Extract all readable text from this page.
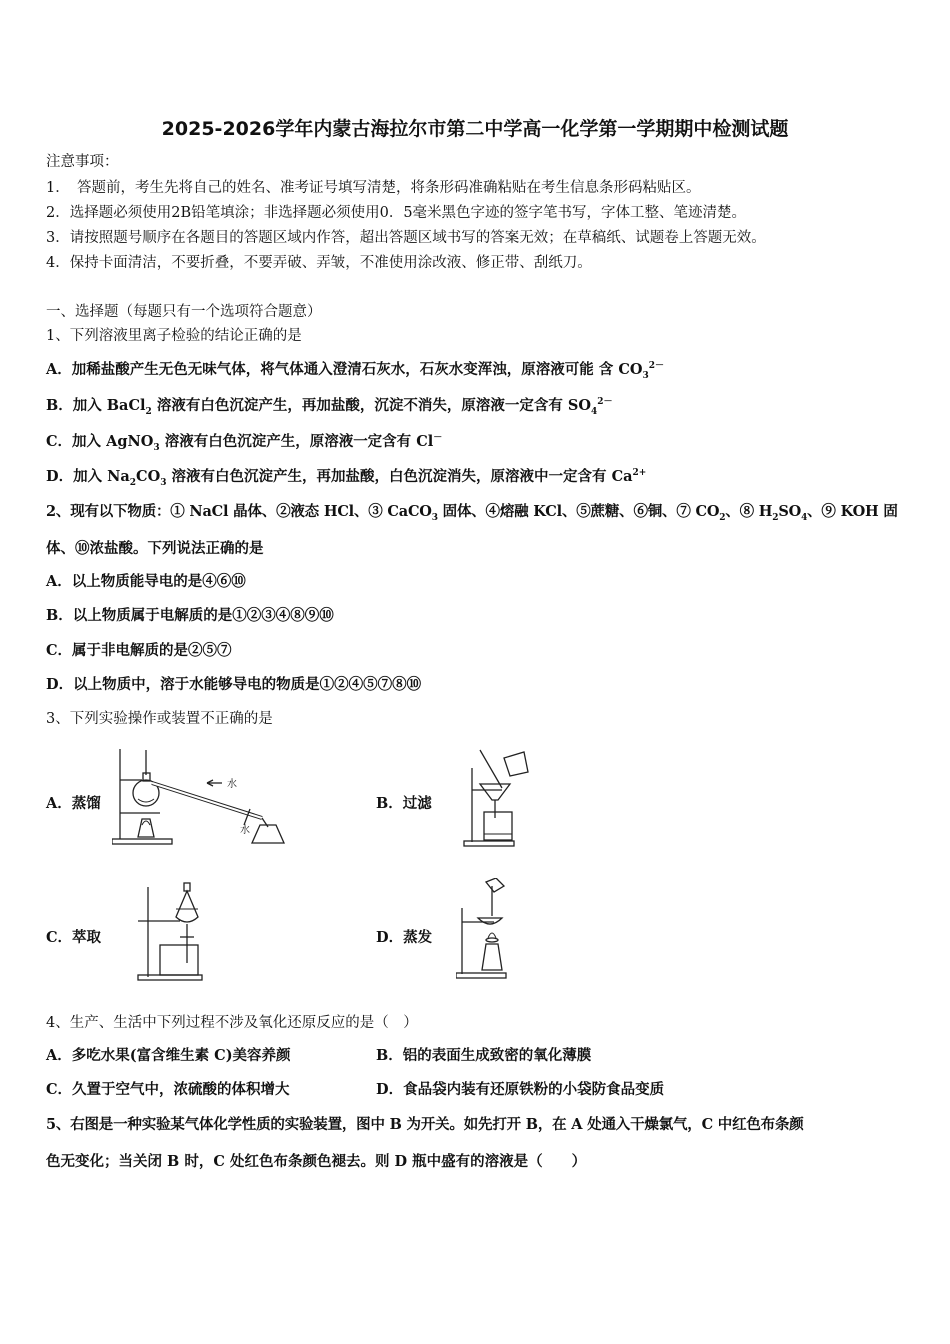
2025-2026学年内蒙古海拉尔市第二中学高一化学第一学期期中检测试题
注意事项：
1．　答题前，考生先将自己的姓名、准考证号填写清楚，将条形码准确粘贴在考生信息条形码粘贴区。
2．选择题必须使用2B铅笔填涂；非选择题必须使用0．5毫米黑色字迹的签字笔书写，字体工整、笔迹清楚。
3．请按照题号顺序在各题目的答题区域内作答，超出答题区域书写的答案无效；在草稿纸、试题卷上答题无效。
4．保持卡面清洁，不要折叠，不要弄破、弄皱，不准使用涂改液、修正带、刮纸刀。
一、选择题（每题只有一个选项符合题意）
1、下列溶液里离子检验的结论正确的是
A．加稀盐酸产生无色无味气体，将气体通入澄清石灰水，石灰水变浑浊，原溶液可能 含 $CO_3^{2-}$
B．加入 BaCl$_2$ 溶液有白色沉淀产生，再加盐酸，沉淀不消失，原溶液一定含有 $SO_4^{2-}$
C．加入 AgNO$_3$ 溶液有白色沉淀产生，原溶液一定含有 Cl－
D．加入 $Na_2CO_3$ 溶液有白色沉淀产生，再加盐酸，白色沉淀消失，原溶液中一定含有 $Ca^{2+}$
2、现有以下物质：① NaCl 晶体、②液态 HCl、③ CaCO$_3$ 固体、④熔融 KCl、⑤蔗糖、⑥铜、⑦ $CO_2$、⑧ $H_2SO_4$、⑨ KOH 固
体、⑩浓盐酸。下列说法正确的是
A．以上物质能导电的是④⑥⑩
B．以上物质属于电解质的是①②③④⑧⑨⑩
C．属于非电解质的是②⑤⑦
D．以上物质中，溶于水能够导电的物质是①②④⑤⑦⑧⑩
3、下列实验操作或装置不正确的是
A．蒸馏	B．过滤
C．萃取	D．蒸发
水
水
4、生产、生活中下列过程不涉及氧化还原反应的是（　）
A．多吃水果(富含维生素 C)美容养颜	B．铝的表面生成致密的氧化薄膜
C．久置于空气中，浓硫酸的体积增大	D．食品袋内装有还原铁粉的小袋防食品变质
5、右图是一种实验某气体化学性质的实验装置，图中 B 为开关。如先打开 B，在 A 处通入干燥氯气，C 中红色布条颜
色无变化；当关闭 B 时，C 处红色布条颜色褪去。则 D 瓶中盛有的溶液是（　　）
